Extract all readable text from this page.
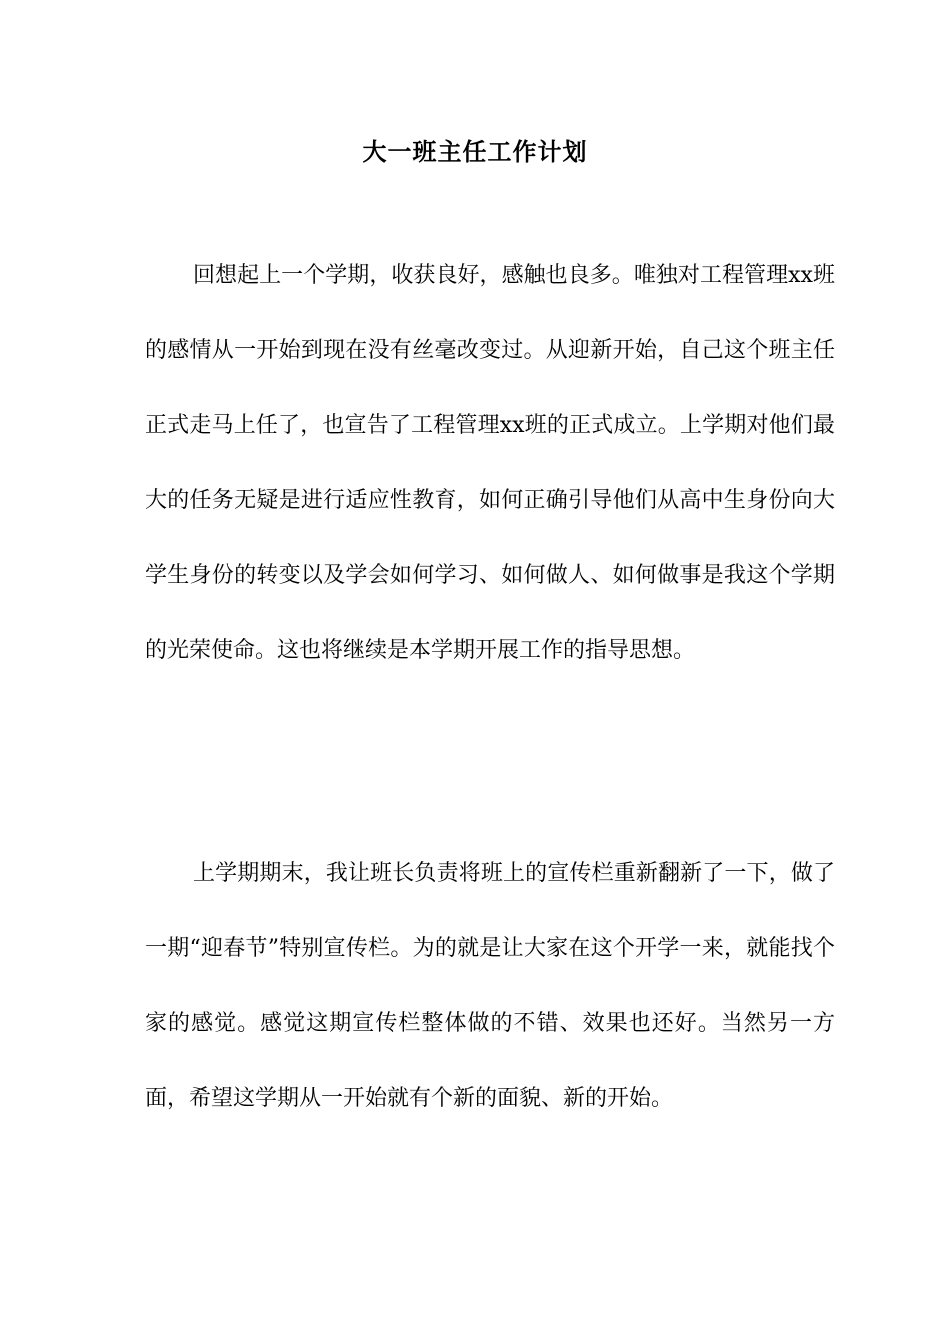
大一班主任工作计划

回想起上一个学期，收获良好，感触也良多。唯独对工程管理xx班的感情从一开始到现在没有丝毫改变过。从迎新开始，自己这个班主任正式走马上任了，也宣告了工程管理xx班的正式成立。上学期对他们最大的任务无疑是进行适应性教育，如何正确引导他们从高中生身份向大学生身份的转变以及学会如何学习、如何做人、如何做事是我这个学期的光荣使命。这也将继续是本学期开展工作的指导思想。

上学期期末，我让班长负责将班上的宣传栏重新翻新了一下，做了一期“迎春节”特别宣传栏。为的就是让大家在这个开学一来，就能找个家的感觉。感觉这期宣传栏整体做的不错、效果也还好。当然另一方面，希望这学期从一开始就有个新的面貌、新的开始。
